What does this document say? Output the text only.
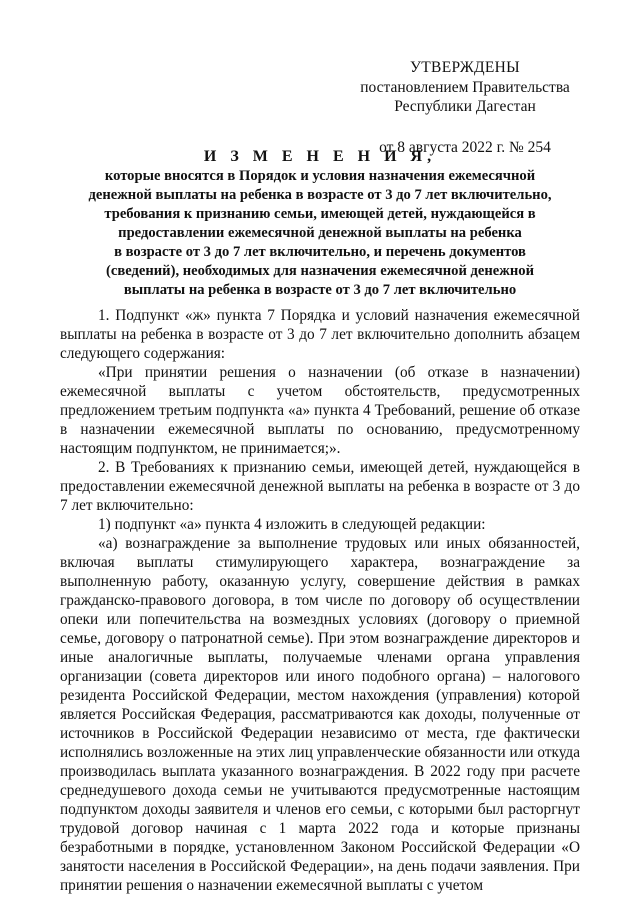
УТВЕРЖДЕНЫ
постановлением Правительства
Республики Дагестан
от 8 августа 2022 г. № 254
И З М Е Н Е Н И Я,
которые вносятся в Порядок и условия назначения ежемесячной
денежной выплаты на ребенка в возрасте от 3 до 7 лет включительно,
требования к признанию семьи, имеющей детей, нуждающейся в
предоставлении ежемесячной денежной выплаты на ребенка
в возрасте от 3 до 7 лет включительно, и перечень документов
(сведений), необходимых для назначения ежемесячной денежной
выплаты на ребенка в возрасте от 3 до 7 лет включительно

1. Подпункт «ж» пункта 7 Порядка и условий назначения ежемесячной выплаты на ребенка в возрасте от 3 до 7 лет включительно дополнить абзацем следующего содержания:

«При принятии решения о назначении (об отказе в назначении) ежемесячной выплаты с учетом обстоятельств, предусмотренных предложением третьим подпункта «а» пункта 4 Требований, решение об отказе в назначении ежемесячной выплаты по основанию, предусмотренному настоящим подпунктом, не принимается;».

2. В Требованиях к признанию семьи, имеющей детей, нуждающейся в предоставлении ежемесячной денежной выплаты на ребенка в возрасте от 3 до 7 лет включительно:

1) подпункт «а» пункта 4 изложить в следующей редакции:

«а) вознаграждение за выполнение трудовых или иных обязанностей, включая выплаты стимулирующего характера, вознаграждение за выполненную работу, оказанную услугу, совершение действия в рамках гражданско-правового договора, в том числе по договору об осуществлении опеки или попечительства на возмездных условиях (договору о приемной семье, договору о патронатной семье). При этом вознаграждение директоров и иные аналогичные выплаты, получаемые членами органа управления организации (совета директоров или иного подобного органа) – налогового резидента Российской Федерации, местом нахождения (управления) которой является Российская Федерация, рассматриваются как доходы, полученные от источников в Российской Федерации независимо от места, где фактически исполнялись возложенные на этих лиц управленческие обязанности или откуда производилась выплата указанного вознаграждения. В 2022 году при расчете среднедушевого дохода семьи не учитываются предусмотренные настоящим подпунктом доходы заявителя и членов его семьи, с которыми был расторгнут трудовой договор начиная с 1 марта 2022 года и которые признаны безработными в порядке, установленном Законом Российской Федерации «О занятости населения в Российской Федерации», на день подачи заявления. При принятии решения о назначении ежемесячной выплаты с учетом
